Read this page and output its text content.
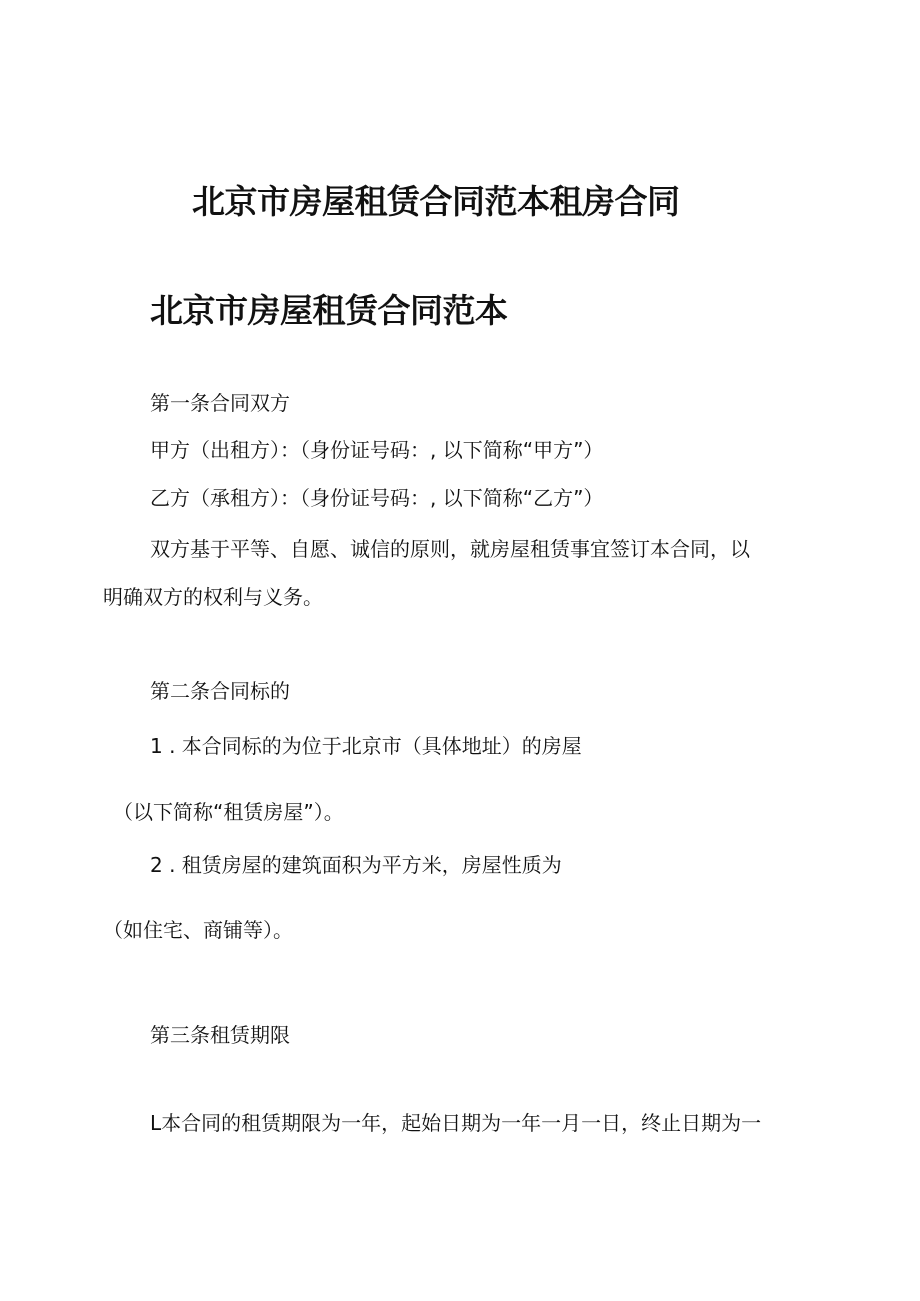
北京市房屋租赁合同范本租房合同
北京市房屋租赁合同范本

第一条合同双方

甲方（出租方）：（身份证号码：, 以下简称“甲方”）

乙方（承租方）：（身份证号码：, 以下简称“乙方”）

双方基于平等、自愿、诚信的原则，就房屋租赁事宜签订本合同，以

明确双方的权利与义务。

第二条合同标的

1 . 本合同标的为位于北京市（具体地址）的房屋

（以下简称“租赁房屋”）。

2 . 租赁房屋的建筑面积为平方米，房屋性质为

（如住宅、商铺等）。

第三条租赁期限

L本合同的租赁期限为一年，起始日期为一年一月一日，终止日期为一
